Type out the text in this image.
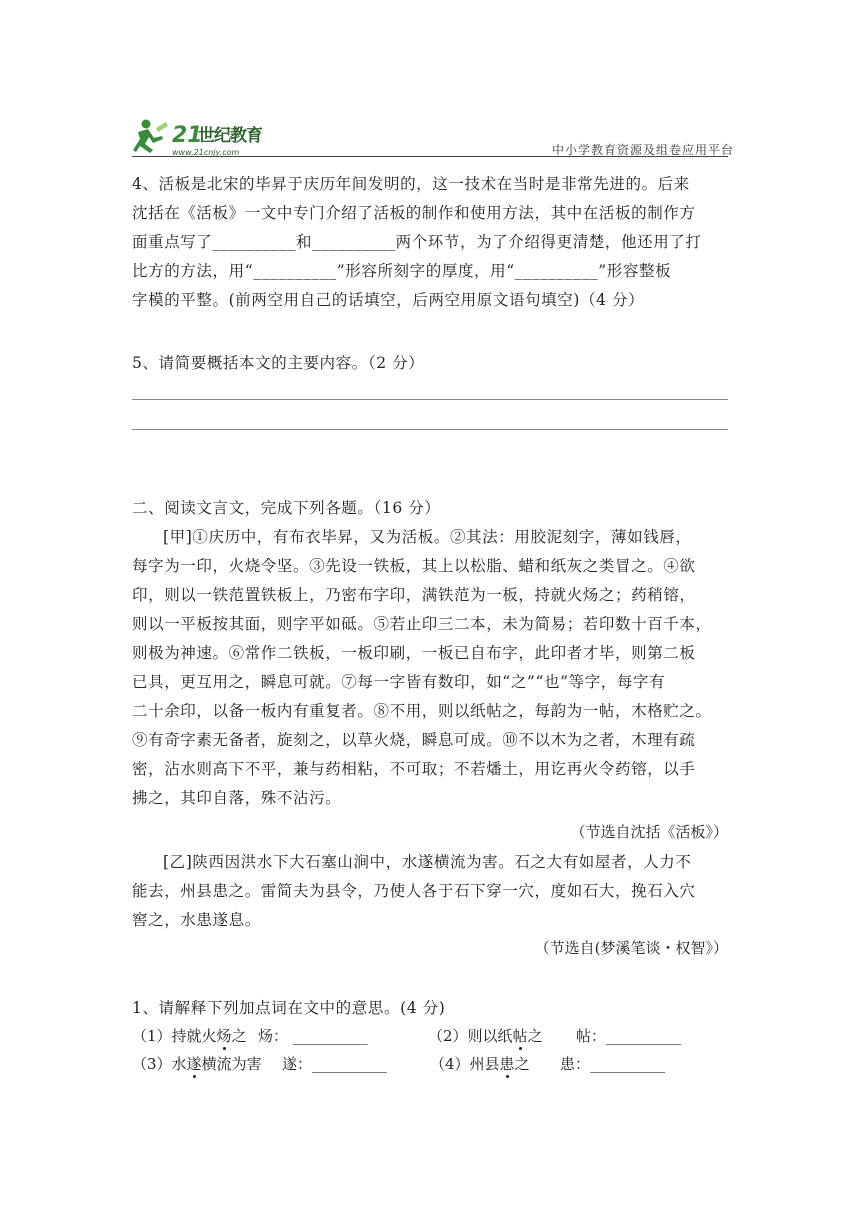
21
世纪教育
www.21cnjy.com	中小学教育资源及组卷应用平台

4、活板是北宋的毕昇于庆历年间发明的，这一技术在当时是非常先进的。后来

沈括在《活板》一文中专门介绍了活板的制作和使用方法，其中在活板的制作方

面重点写了__________和__________两个环节，为了介绍得更清楚，他还用了打

比方的方法，用“__________”形容所刻字的厚度，用“__________”形容整板

字模的平整。(前两空用自己的话填空，后两空用原文语句填空)（4 分）

5、请简要概括本文的主要内容。（2 分）
二、阅读文言文，完成下列各题。（16 分）

[甲]①庆历中，有布衣毕昇，又为活板。②其法：用胶泥刻字，薄如钱唇，

每字为一印，火烧令坚。③先设一铁板，其上以松脂、蜡和纸灰之类冒之。④欲

印，则以一铁范置铁板上，乃密布字印，满铁范为一板，持就火炀之；药稍镕，

则以一平板按其面，则字平如砥。⑤若止印三二本，未为简易；若印数十百千本，

则极为神速。⑥常作二铁板，一板印刷，一板已自布字，此印者才毕，则第二板

已具，更互用之，瞬息可就。⑦每一字皆有数印，如“之”“也”等字，每字有

二十余印，以备一板内有重复者。⑧不用，则以纸帖之，每韵为一帖，木格贮之。

⑨有奇字素无备者，旋刻之，以草火烧，瞬息可成。⑩不以木为之者，木理有疏

密，沾水则高下不平，兼与药相粘，不可取；不若燔土，用讫再火令药镕，以手

拂之，其印自落，殊不沾污。

（节选自沈括《活板》）

[乙]陕西因洪水下大石塞山涧中，水遂横流为害。石之大有如屋者，人力不

能去，州县患之。雷简夫为县令，乃使人各于石下穿一穴，度如石大，挽石入穴

窖之，水患遂息。

（节选自(梦溪笔谈・权智》）
1、请解释下列加点词在文中的意思。(4 分)
（1）持就火炀之 炀： __________	（2）则以纸帖之 帖：__________
（3）水遂横流为害 遂：__________	（4）州县患之 患：__________
